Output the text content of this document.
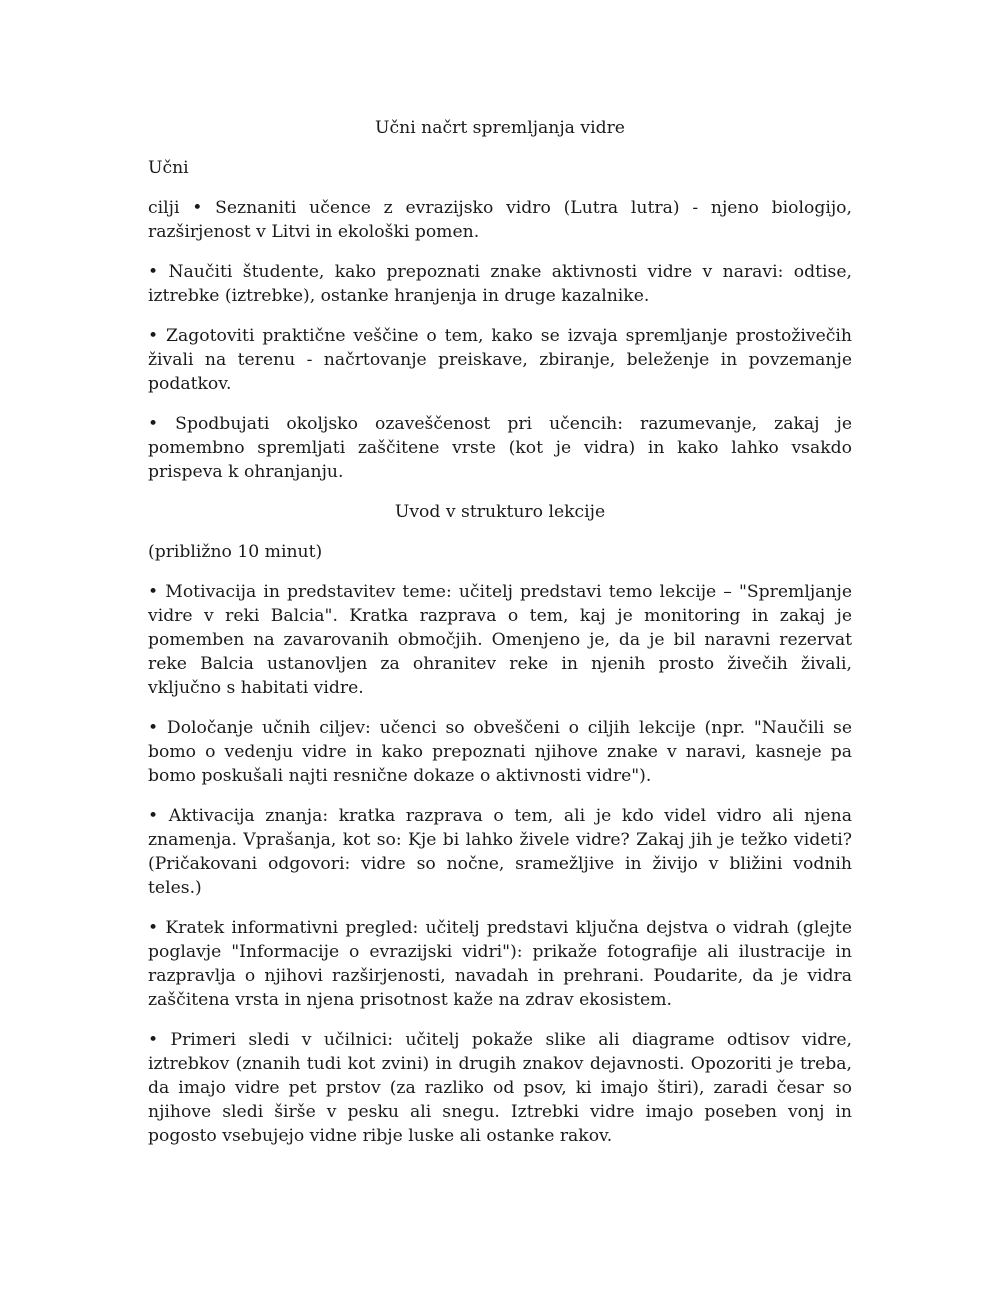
Učni načrt spremljanja vidre

Učni

cilji • Seznaniti učence z evrazijsko vidro (Lutra lutra) - njeno biologijo, razširjenost v Litvi in ekološki pomen.

• Naučiti študente, kako prepoznati znake aktivnosti vidre v naravi: odtise, iztrebke (iztrebke), ostanke hranjenja in druge kazalnike.

• Zagotoviti praktične veščine o tem, kako se izvaja spremljanje prostoživečih živali na terenu - načrtovanje preiskave, zbiranje, beleženje in povzemanje podatkov.

• Spodbujati okoljsko ozaveščenost pri učencih: razumevanje, zakaj je pomembno spremljati zaščitene vrste (kot je vidra) in kako lahko vsakdo prispeva k ohranjanju.

Uvod v strukturo lekcije

(približno 10 minut)

• Motivacija in predstavitev teme: učitelj predstavi temo lekcije – "Spremljanje vidre v reki Balcia". Kratka razprava o tem, kaj je monitoring in zakaj je pomemben na zavarovanih območjih. Omenjeno je, da je bil naravni rezervat reke Balcia ustanovljen za ohranitev reke in njenih prosto živečih živali, vključno s habitati vidre.

• Določanje učnih ciljev: učenci so obveščeni o ciljih lekcije (npr. "Naučili se bomo o vedenju vidre in kako prepoznati njihove znake v naravi, kasneje pa bomo poskušali najti resnične dokaze o aktivnosti vidre").

• Aktivacija znanja: kratka razprava o tem, ali je kdo videl vidro ali njena znamenja. Vprašanja, kot so: Kje bi lahko živele vidre? Zakaj jih je težko videti? (Pričakovani odgovori: vidre so nočne, sramežljive in živijo v bližini vodnih teles.)

• Kratek informativni pregled: učitelj predstavi ključna dejstva o vidrah (glejte poglavje "Informacije o evrazijski vidri"): prikaže fotografije ali ilustracije in razpravlja o njihovi razširjenosti, navadah in prehrani. Poudarite, da je vidra zaščitena vrsta in njena prisotnost kaže na zdrav ekosistem.

• Primeri sledi v učilnici: učitelj pokaže slike ali diagrame odtisov vidre, iztrebkov (znanih tudi kot zvini) in drugih znakov dejavnosti. Opozoriti je treba, da imajo vidre pet prstov (za razliko od psov, ki imajo štiri), zaradi česar so njihove sledi širše v pesku ali snegu. Iztrebki vidre imajo poseben vonj in pogosto vsebujejo vidne ribje luske ali ostanke rakov.
